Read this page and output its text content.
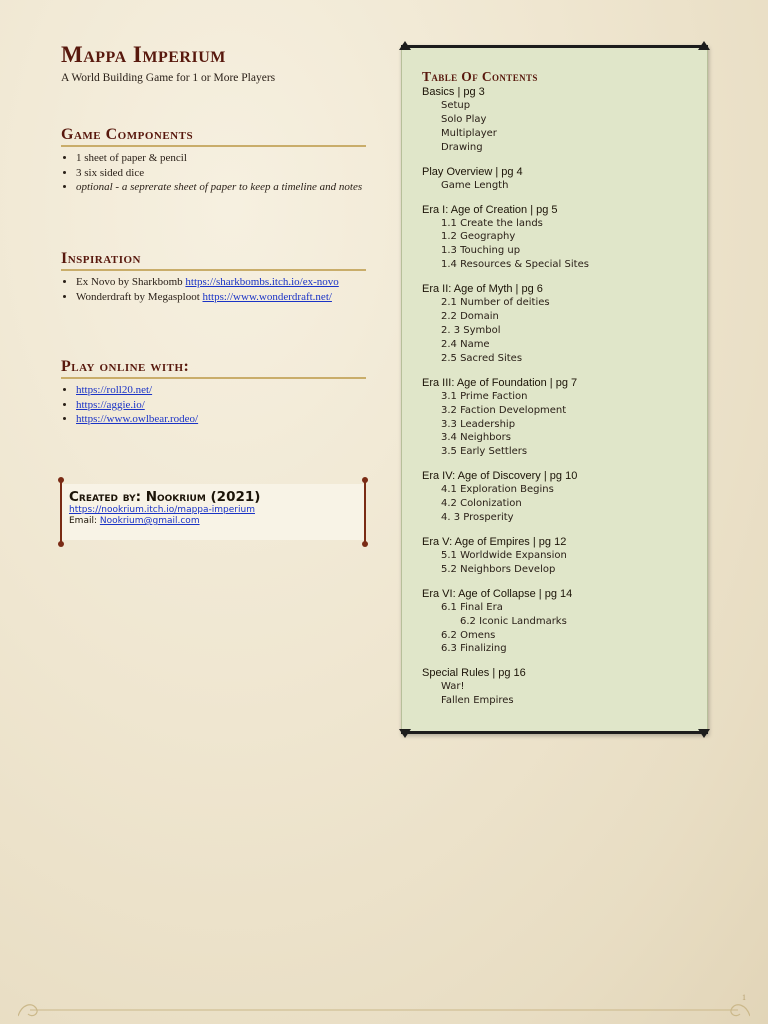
Mappa Imperium
A World Building Game for 1 or More Players
Game Components
• 1 sheet of paper & pencil
• 3 six sided dice
• optional - a seprerate sheet of paper to keep a timeline and notes
Inspiration
• Ex Novo by Sharkbomb https://sharkbombs.itch.io/ex-novo
• Wonderdraft by Megasploot https://www.wonderdraft.net/
Play online with:
• https://roll20.net/
• https://aggie.io/
• https://www.owlbear.rodeo/
Created by: Nookrium (2021)
https://nookrium.itch.io/mappa-imperium
Email: Nookrium@gmail.com
Table Of Contents
Basics | pg 3
Setup
Solo Play
Multiplayer
Drawing
Play Overview | pg 4
Game Length
Era I: Age of Creation | pg 5
1.1 Create the lands
1.2 Geography
1.3 Touching up
1.4 Resources & Special Sites
Era II: Age of Myth | pg 6
2.1 Number of deities
2.2 Domain
2. 3 Symbol
2.4 Name
2.5 Sacred Sites
Era III: Age of Foundation | pg 7
3.1 Prime Faction
3.2 Faction Development
3.3 Leadership
3.4 Neighbors
3.5 Early Settlers
Era IV: Age of Discovery | pg 10
4.1 Exploration Begins
4.2 Colonization
4. 3 Prosperity
Era V: Age of Empires | pg 12
5.1 Worldwide Expansion
5.2 Neighbors Develop
Era VI: Age of Collapse | pg 14
6.1 Final Era
6.2 Iconic Landmarks
6.2 Omens
6.3 Finalizing
Special Rules | pg 16
War!
Fallen Empires
1
